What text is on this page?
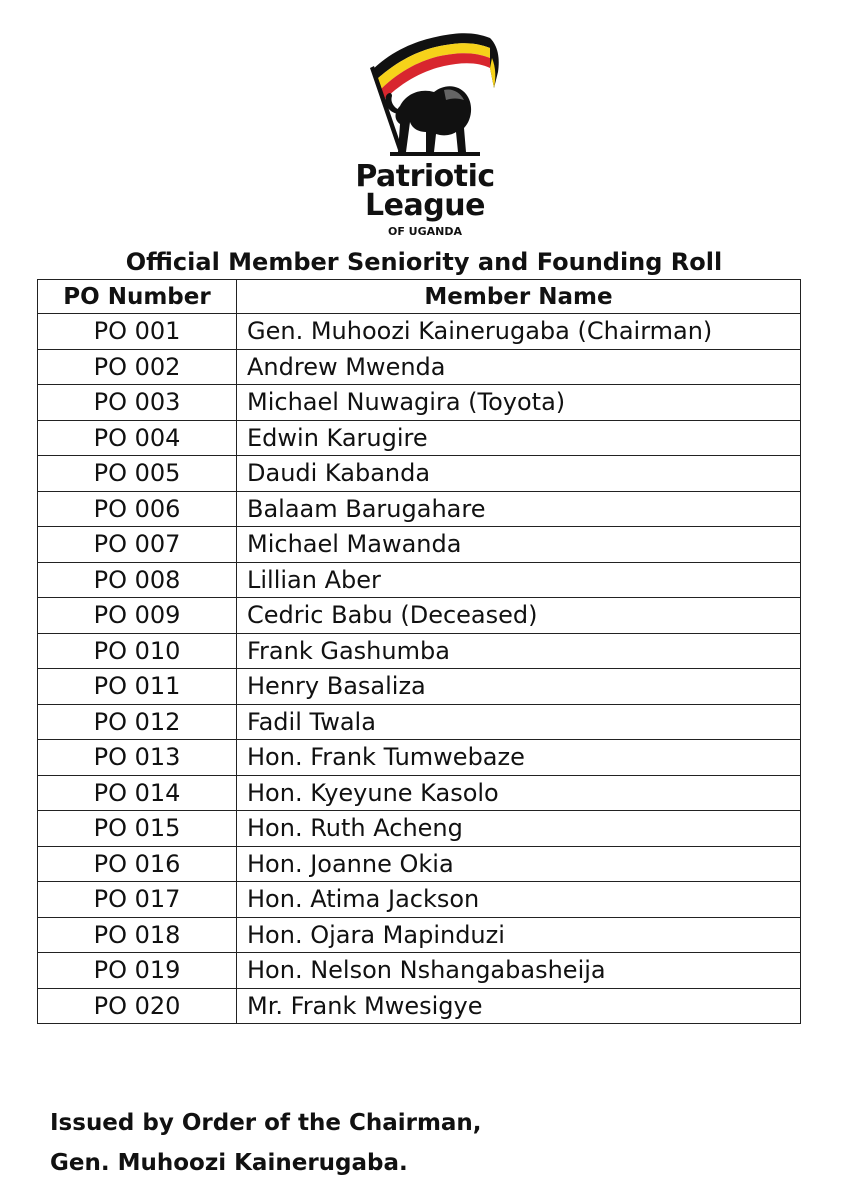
Patriotic
League
OF UGANDA
Official Member Seniority and Founding Roll
PO Number	Member Name
PO 001	Gen. Muhoozi Kainerugaba (Chairman)
PO 002	Andrew Mwenda
PO 003	Michael Nuwagira (Toyota)
PO 004	Edwin Karugire
PO 005	Daudi Kabanda
PO 006	Balaam Barugahare
PO 007	Michael Mawanda
PO 008	Lillian Aber
PO 009	Cedric Babu (Deceased)
PO 010	Frank Gashumba
PO 011	Henry Basaliza
PO 012	Fadil Twala
PO 013	Hon. Frank Tumwebaze
PO 014	Hon. Kyeyune Kasolo
PO 015	Hon. Ruth Acheng
PO 016	Hon. Joanne Okia
PO 017	Hon. Atima Jackson
PO 018	Hon. Ojara Mapinduzi
PO 019	Hon. Nelson Nshangabasheija
PO 020	Mr. Frank Mwesigye
Issued by Order of the Chairman,
Gen. Muhoozi Kainerugaba.
